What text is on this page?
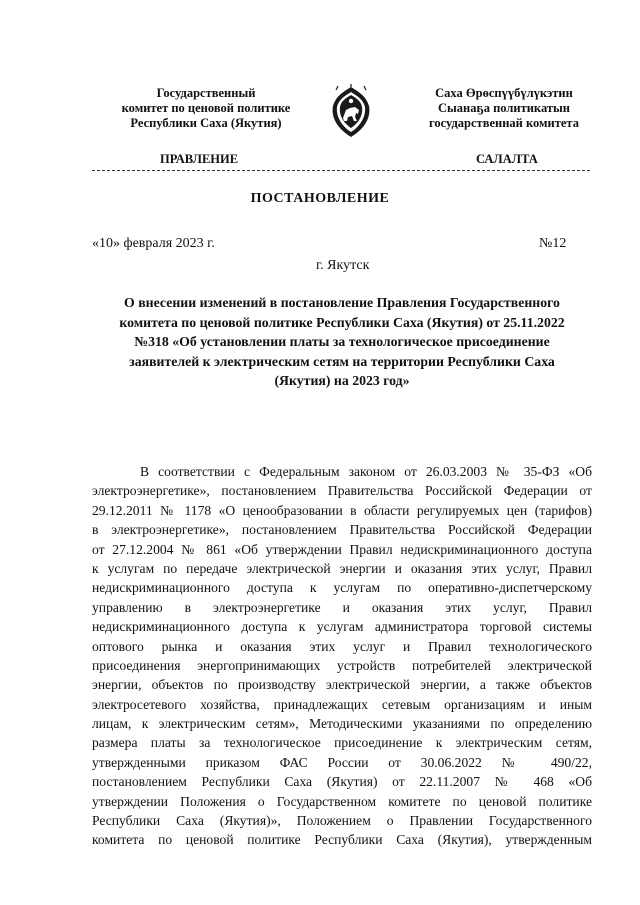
Государственный
комитет по ценовой политике
Республики Саха (Якутия)
Саха Өрөспүүбүлүкэтин
Сыанаҕа политикатын
государственнай комитета
ПРАВЛЕНИЕ	САЛАЛТА
ПОСТАНОВЛЕНИЕ
«10» февраля 2023 г.	№12
г. Якутск
О внесении изменений в постановление Правления Государственного
комитета по ценовой политике Республики Саха (Якутия) от 25.11.2022
№318 «Об установлении платы за технологическое присоединение
заявителей к электрическим сетям на территории Республики Саха
(Якутия) на 2023 год»
В соответствии с Федеральным законом от 26.03.2003 № 35-ФЗ «Об
электроэнергетике», постановлением Правительства Российской Федерации от
29.12.2011 № 1178 «О ценообразовании в области регулируемых цен (тарифов)
в электроэнергетике», постановлением Правительства Российской Федерации
от 27.12.2004 № 861 «Об утверждении Правил недискриминационного доступа
к услугам по передаче электрической энергии и оказания этих услуг, Правил
недискриминационного доступа к услугам по оперативно-диспетчерскому
управлению в электроэнергетике и оказания этих услуг, Правил
недискриминационного доступа к услугам администратора торговой системы
оптового рынка и оказания этих услуг и Правил технологического
присоединения энергопринимающих устройств потребителей электрической
энергии, объектов по производству электрической энергии, а также объектов
электросетевого хозяйства, принадлежащих сетевым организациям и иным
лицам, к электрическим сетям», Методическими указаниями по определению
размера платы за технологическое присоединение к электрическим сетям,
утвержденными приказом ФАС России от 30.06.2022 № 490/22,
постановлением Республики Саха (Якутия) от 22.11.2007 № 468 «Об
утверждении Положения о Государственном комитете по ценовой политике
Республики Саха (Якутия)», Положением о Правлении Государственного
комитета по ценовой политике Республики Саха (Якутия), утвержденным
